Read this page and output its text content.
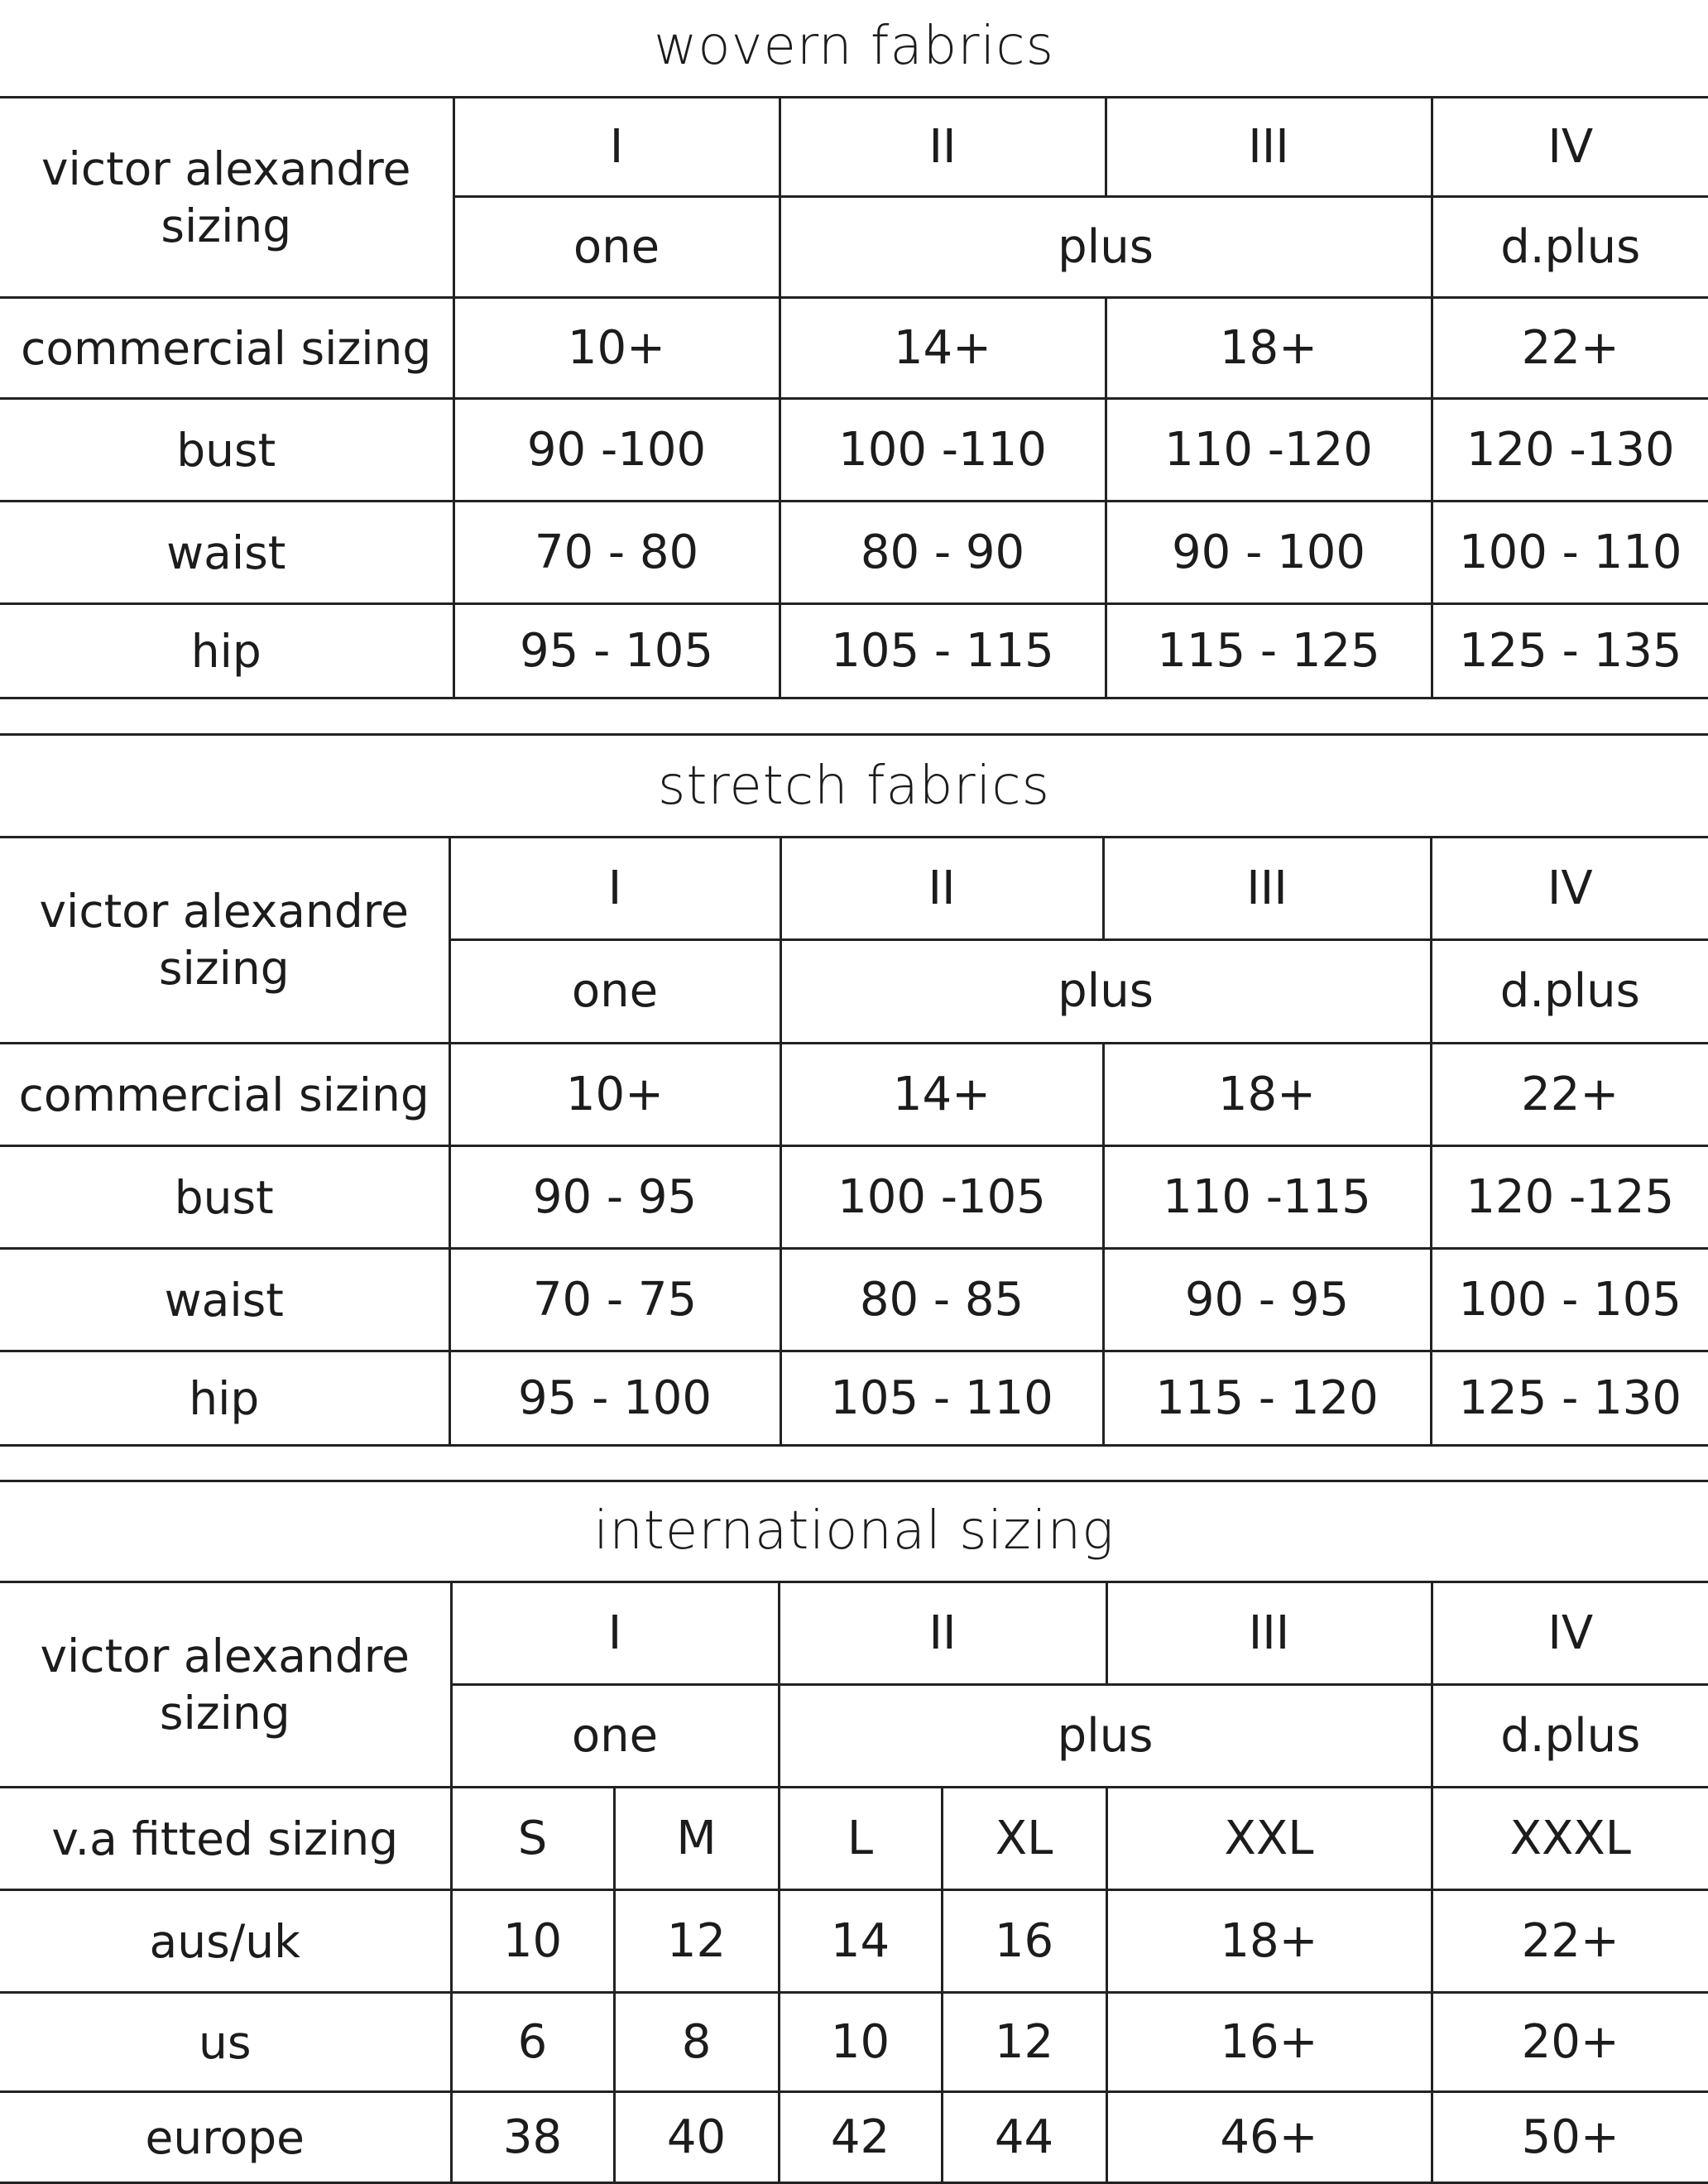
wovern fabrics
victor alexandre sizing	I	II	III	IV
	one	plus		d.plus
commercial sizing	10+	14+	18+	22+
bust	90 -100	100 -110	110 -120	120 -130
waist	70 - 80	80 - 90	90 - 100	100 - 110
hip	95 - 105	105 - 115	115 - 125	125 - 135
stretch fabrics
victor alexandre sizing	I	II	III	IV
	one	plus		d.plus
commercial sizing	10+	14+	18+	22+
bust	90 - 95	100 -105	110 -115	120 -125
waist	70 - 75	80 - 85	90 - 95	100 - 105
hip	95 - 100	105 - 110	115 - 120	125 - 130
international sizing
victor alexandre sizing	I		II		III	IV
	one		plus			d.plus
v.a fitted sizing	S	M	L	XL	XXL	XXXL
aus/uk	10	12	14	16	18+	22+
us	6	8	10	12	16+	20+
europe	38	40	42	44	46+	50+
